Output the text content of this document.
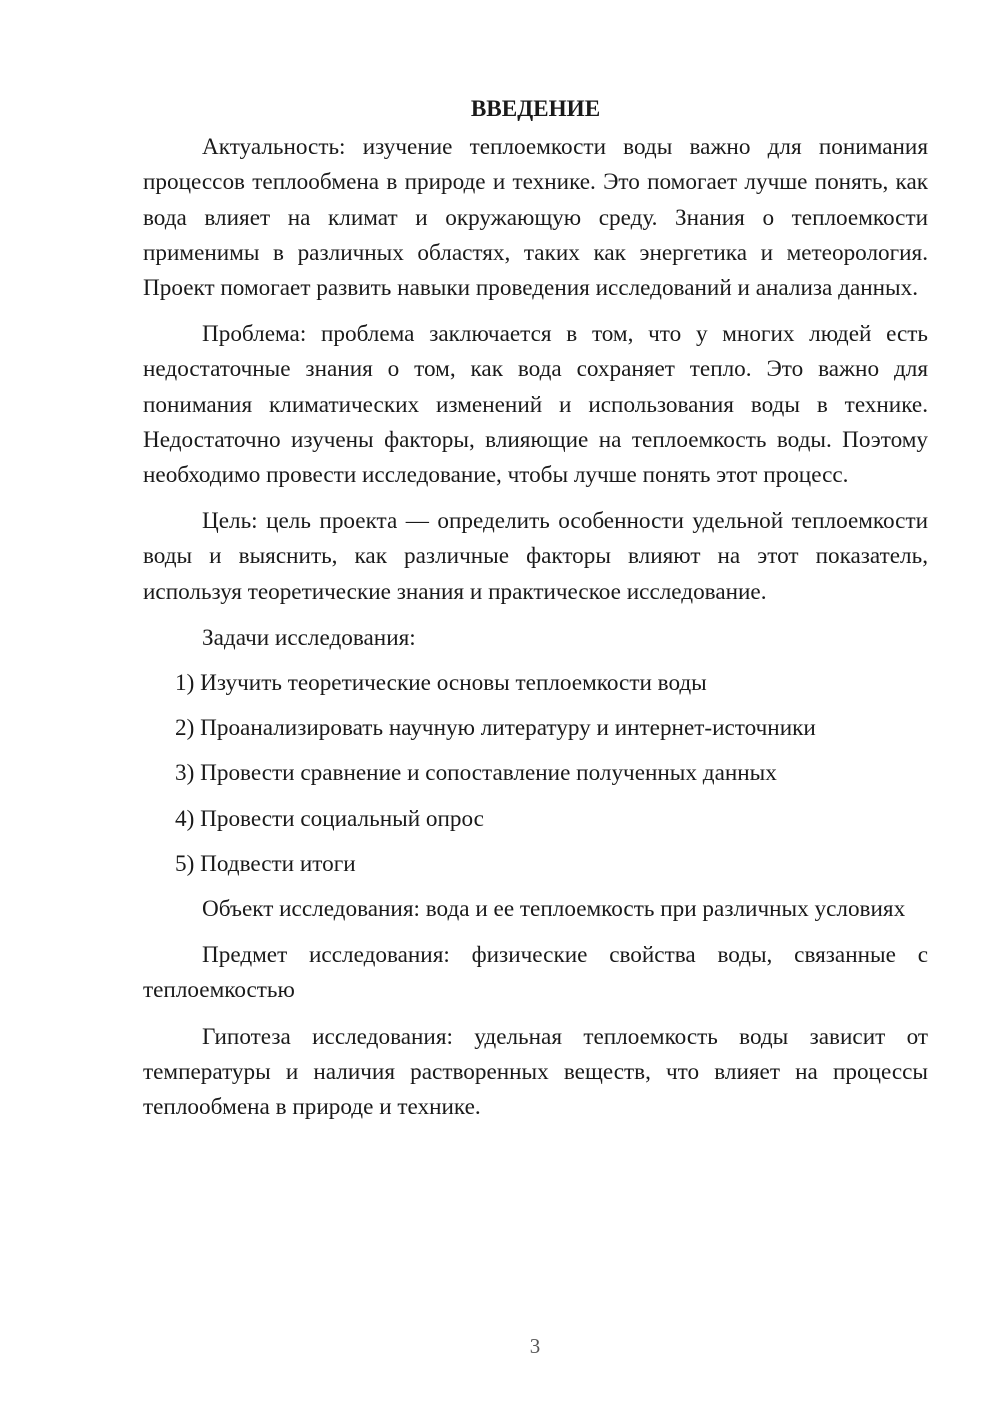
ВВЕДЕНИЕ

Актуальность: изучение теплоемкости воды важно для понимания процессов теплообмена в природе и технике. Это помогает лучше понять, как вода влияет на климат и окружающую среду. Знания о теплоемкости применимы в различных областях, таких как энергетика и метеорология. Проект помогает развить навыки проведения исследований и анализа данных.

Проблема: проблема заключается в том, что у многих людей есть недостаточные знания о том, как вода сохраняет тепло. Это важно для понимания климатических изменений и использования воды в технике. Недостаточно изучены факторы, влияющие на теплоемкость воды. Поэтому необходимо провести исследование, чтобы лучше понять этот процесс.

Цель: цель проекта — определить особенности удельной теплоемкости воды и выяснить, как различные факторы влияют на этот показатель, используя теоретические знания и практическое исследование.

Задачи исследования:
1) Изучить теоретические основы теплоемкости воды
2) Проанализировать научную литературу и интернет-источники
3) Провести сравнение и сопоставление полученных данных
4) Провести социальный опрос
5) Подвести итоги

Объект исследования: вода и ее теплоемкость при различных условиях

Предмет исследования: физические свойства воды, связанные с теплоемкостью

Гипотеза исследования: удельная теплоемкость воды зависит от температуры и наличия растворенных веществ, что влияет на процессы теплообмена в природе и технике.

3
